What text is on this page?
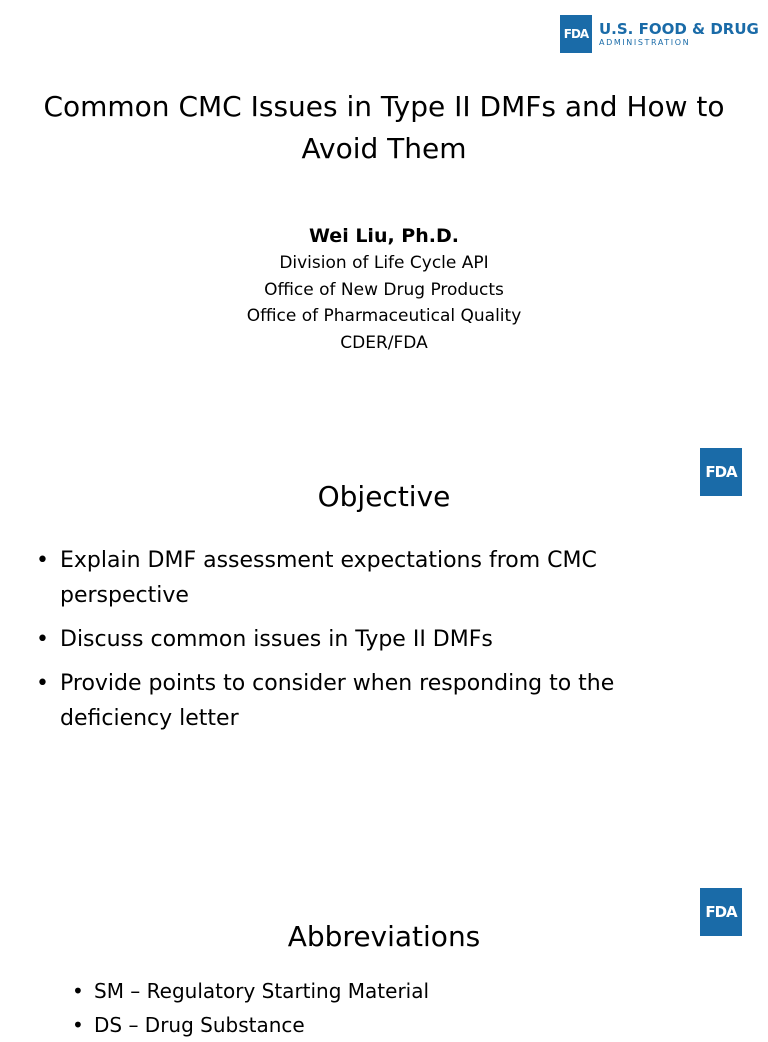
FDA U.S. FOOD & DRUG
ADMINISTRATION
Common CMC Issues in Type II DMFs and How to Avoid Them
Wei Liu, Ph.D.
Division of Life Cycle API
Office of New Drug Products
Office of Pharmaceutical Quality
CDER/FDA
FDA
Objective
• Explain DMF assessment expectations from CMC perspective
• Discuss common issues in Type II DMFs
• Provide points to consider when responding to the deficiency letter
FDA
Abbreviations
• SM – Regulatory Starting Material
• DS – Drug Substance
